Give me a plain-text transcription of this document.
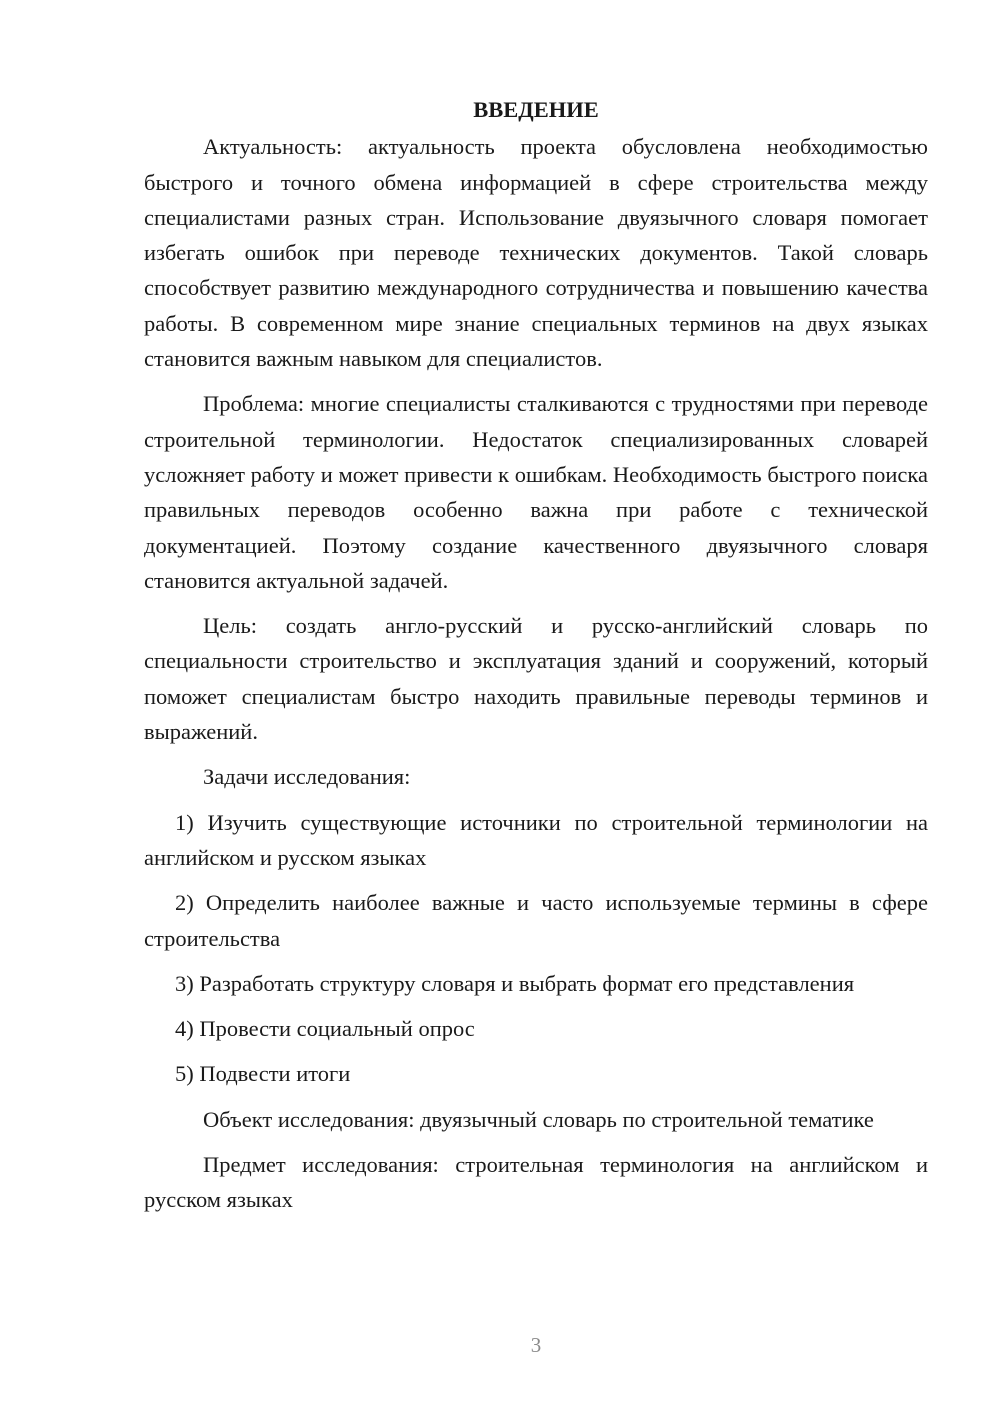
ВВЕДЕНИЕ

Актуальность: актуальность проекта обусловлена необходимостью быстрого и точного обмена информацией в сфере строительства между специалистами разных стран. Использование двуязычного словаря помогает избегать ошибок при переводе технических документов. Такой словарь способствует развитию международного сотрудничества и повышению качества работы. В современном мире знание специальных терминов на двух языках становится важным навыком для специалистов.

Проблема: многие специалисты сталкиваются с трудностями при переводе строительной терминологии. Недостаток специализированных словарей усложняет работу и может привести к ошибкам. Необходимость быстрого поиска правильных переводов особенно важна при работе с технической документацией. Поэтому создание качественного двуязычного словаря становится актуальной задачей.

Цель: создать англо-русский и русско-английский словарь по специальности строительство и эксплуатация зданий и сооружений, который поможет специалистам быстро находить правильные переводы терминов и выражений.

Задачи исследования:

1) Изучить существующие источники по строительной терминологии на английском и русском языках

2) Определить наиболее важные и часто используемые термины в сфере строительства

3) Разработать структуру словаря и выбрать формат его представления

4) Провести социальный опрос

5) Подвести итоги

Объект исследования: двуязычный словарь по строительной тематике

Предмет исследования: строительная терминология на английском и русском языках

3
